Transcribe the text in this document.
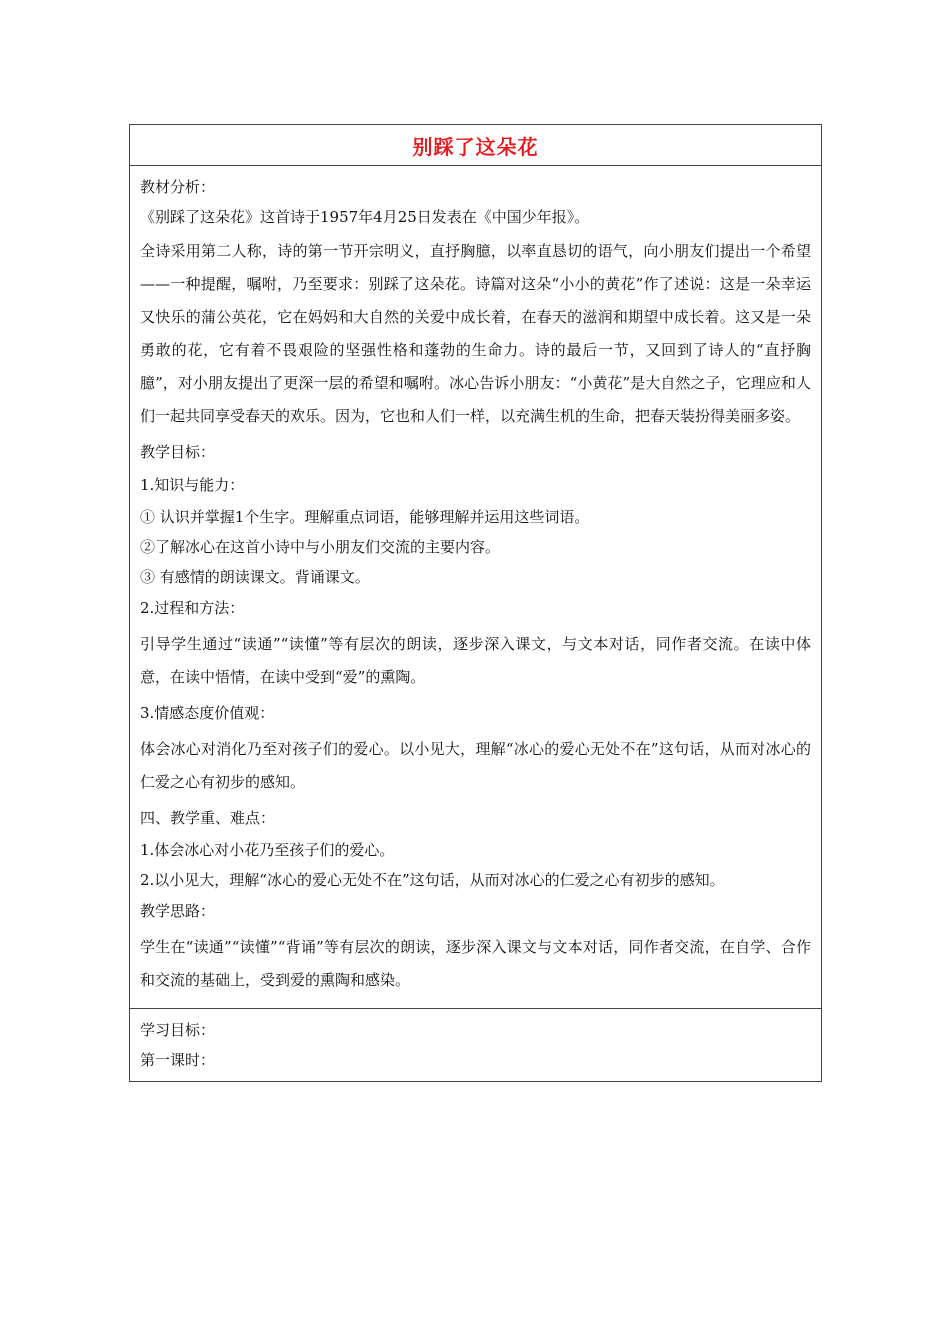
别踩了这朵花
教材分析：
《别踩了这朵花》这首诗于1957年4月25日发表在《中国少年报》。
全诗采用第二人称，诗的第一节开宗明义，直抒胸臆，以率直恳切的语气，向小朋友们提出一个希望——一种提醒，嘱咐，乃至要求：别踩了这朵花。诗篇对这朵“小小的黄花”作了述说：这是一朵幸运又快乐的蒲公英花，它在妈妈和大自然的关爱中成长着，在春天的滋润和期望中成长着。这又是一朵勇敢的花，它有着不畏艰险的坚强性格和蓬勃的生命力。诗的最后一节，又回到了诗人的“直抒胸臆”，对小朋友提出了更深一层的希望和嘱咐。冰心告诉小朋友：“小黄花”是大自然之子，它理应和人们一起共同享受春天的欢乐。因为，它也和人们一样，以充满生机的生命，把春天装扮得美丽多姿。
教学目标：
1.知识与能力：
① 认识并掌握1个生字。理解重点词语，能够理解并运用这些词语。
②了解冰心在这首小诗中与小朋友们交流的主要内容。
③ 有感情的朗读课文。背诵课文。
2.过程和方法：
引导学生通过“读通”“读懂”等有层次的朗读，逐步深入课文，与文本对话，同作者交流。在读中体意，在读中悟情，在读中受到“爱”的熏陶。
3.情感态度价值观：
体会冰心对消化乃至对孩子们的爱心。以小见大，理解“冰心的爱心无处不在”这句话，从而对冰心的仁爱之心有初步的感知。
四、教学重、难点：
1.体会冰心对小花乃至孩子们的爱心。
2.以小见大，理解“冰心的爱心无处不在”这句话，从而对冰心的仁爱之心有初步的感知。
教学思路：
学生在“读通”“读懂”“背诵”等有层次的朗读，逐步深入课文与文本对话，同作者交流，在自学、合作和交流的基础上，受到爱的熏陶和感染。
学习目标：
第一课时：
